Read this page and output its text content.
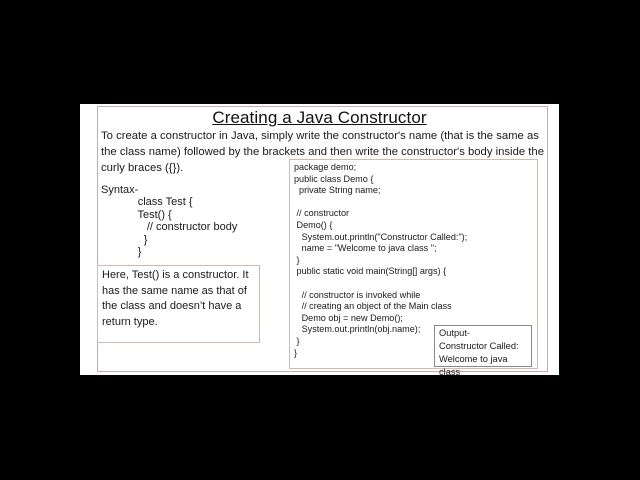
Creating a Java Constructor
To create a constructor in Java, simply write the constructor's name (that is the same as the class name) followed by the brackets and then write the constructor's body inside the curly braces ({}).
Syntax-
class Test {
Test() {
// constructor body
}
}
Here, Test() is a constructor. It has the same name as that of the class and doesn’t have a return type.
package demo;
public class Demo {
private String name;

// constructor
Demo() {
System.out.println("Constructor Called:");
name = "Welcome to java class ";
}
public static void main(String[] args) {

// constructor is invoked while
// creating an object of the Main class
Demo obj = new Demo();
System.out.println(obj.name);
}
}
Output-
Constructor Called:
Welcome to java class
